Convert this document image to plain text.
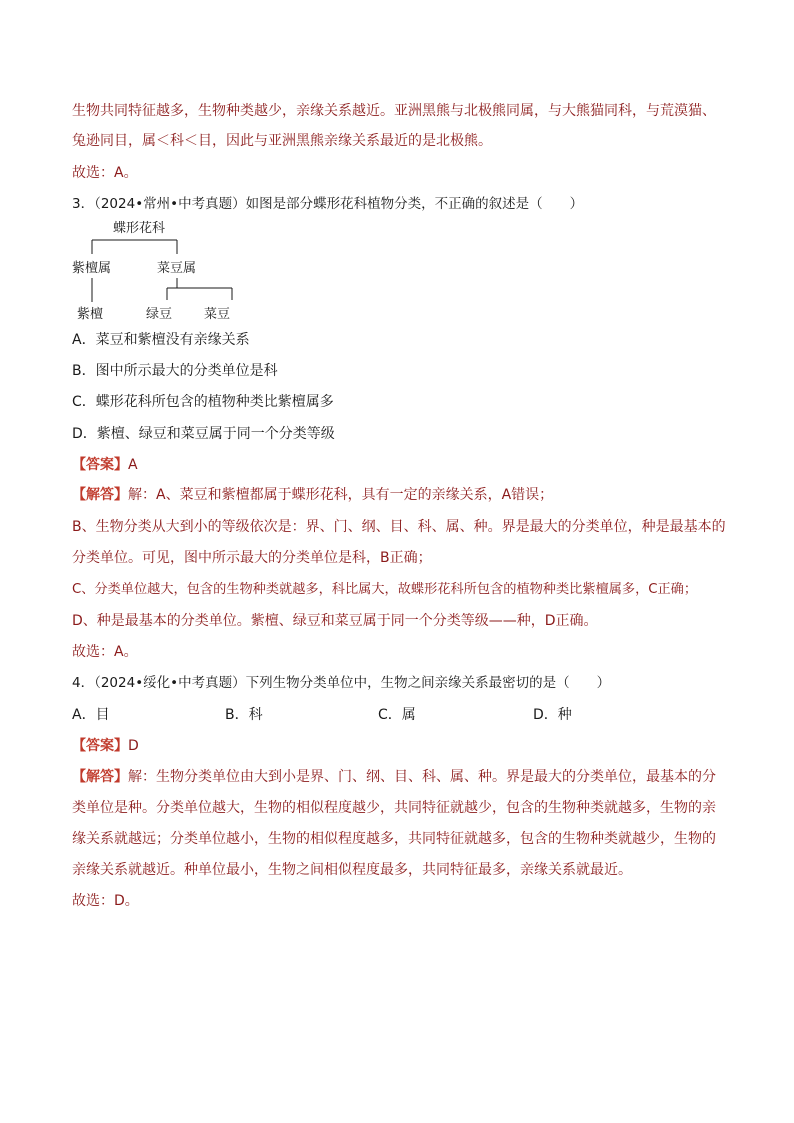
生物共同特征越多，生物种类越少，亲缘关系越近。亚洲黑熊与北极熊同属，与大熊猫同科，与荒漠猫、
兔逊同目，属＜科＜目，因此与亚洲黑熊亲缘关系最近的是北极熊。
故选：A。
3．（2024•常州•中考真题）如图是部分蝶形花科植物分类，不正确的叙述是（　　）
蝶形花科
紫檀属	菜豆属
紫檀	绿豆 菜豆
A．菜豆和紫檀没有亲缘关系
B．图中所示最大的分类单位是科
C．蝶形花科所包含的植物种类比紫檀属多
D．紫檀、绿豆和菜豆属于同一个分类等级
【答案】A
【解答】解：A、菜豆和紫檀都属于蝶形花科，具有一定的亲缘关系，A错误；
B、生物分类从大到小的等级依次是：界、门、纲、目、科、属、种。界是最大的分类单位，种是最基本的
分类单位。可见，图中所示最大的分类单位是科，B正确；
C、分类单位越大，包含的生物种类就越多，科比属大，故蝶形花科所包含的植物种类比紫檀属多，C正确；
D、种是最基本的分类单位。紫檀、绿豆和菜豆属于同一个分类等级——种，D正确。
故选：A。
4．（2024•绥化•中考真题）下列生物分类单位中，生物之间亲缘关系最密切的是（　　）
A．目	B．科	C．属	D．种
【答案】D
【解答】解：生物分类单位由大到小是界、门、纲、目、科、属、种。界是最大的分类单位，最基本的分
类单位是种。分类单位越大，生物的相似程度越少，共同特征就越少，包含的生物种类就越多，生物的亲
缘关系就越远；分类单位越小，生物的相似程度越多，共同特征就越多，包含的生物种类就越少，生物的
亲缘关系就越近。种单位最小，生物之间相似程度最多，共同特征最多，亲缘关系就最近。
故选：D。
